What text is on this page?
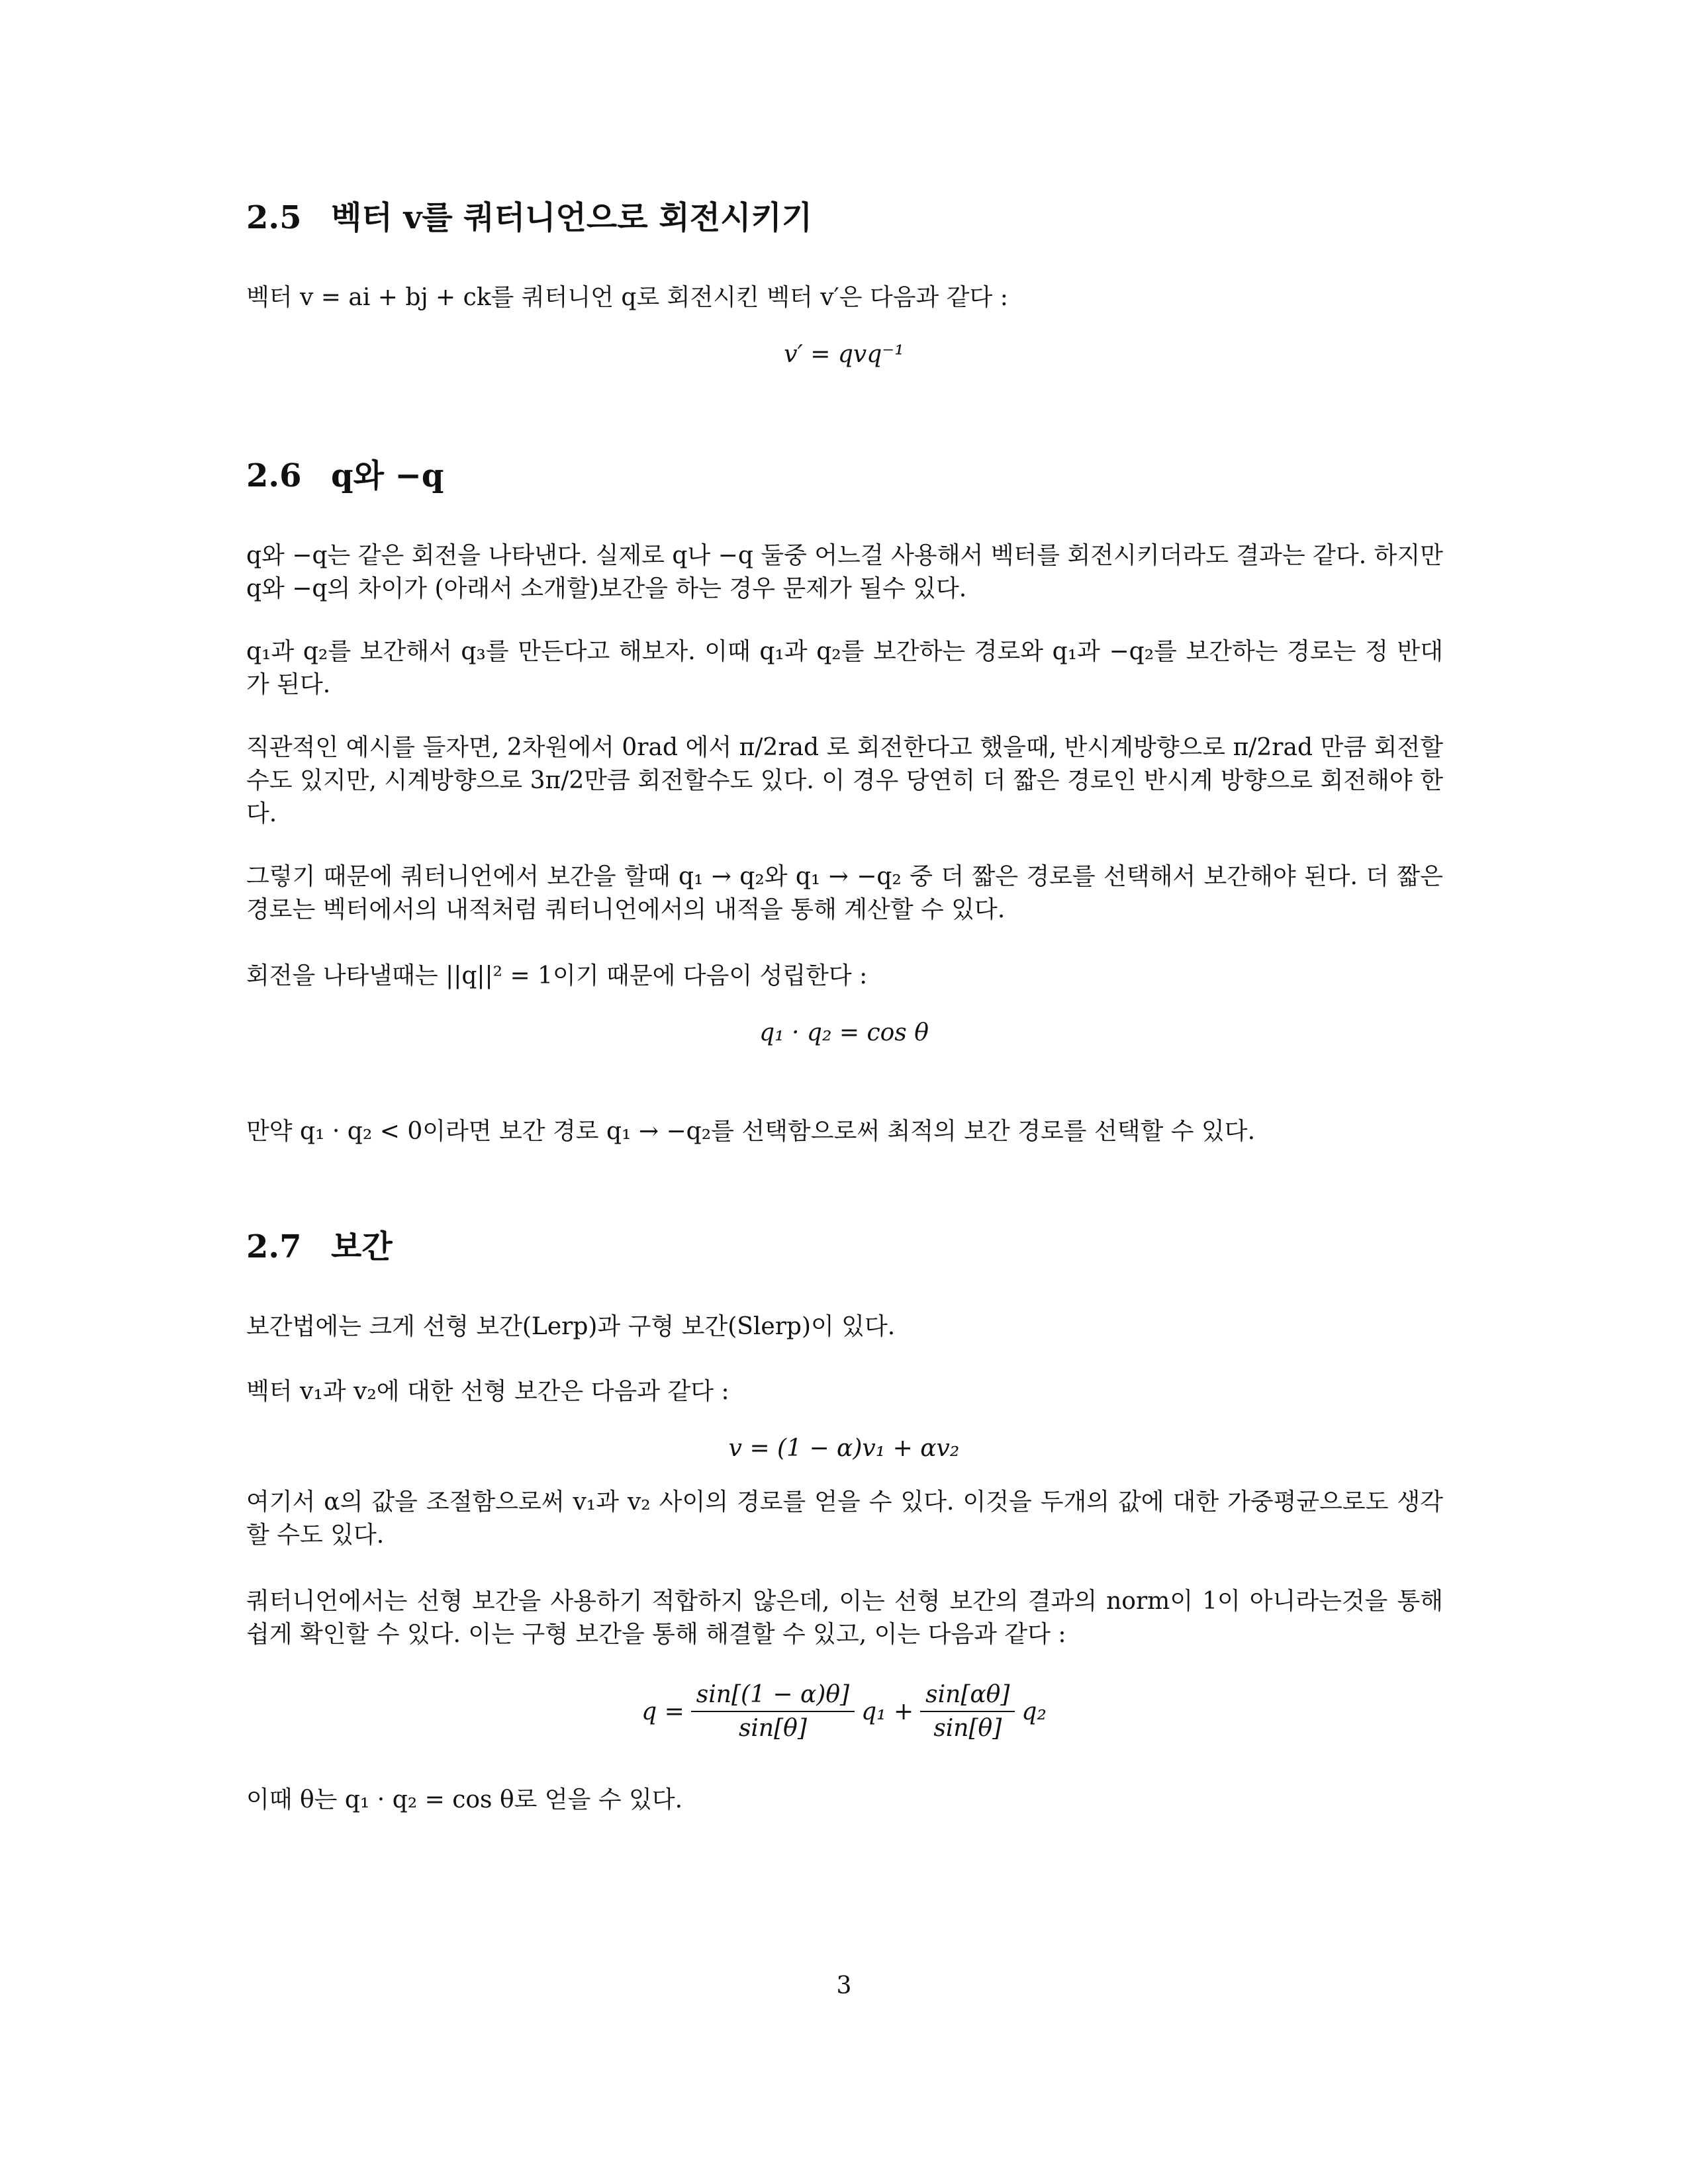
2.5 벡터 v를 쿼터니언으로 회전시키기

벡터 v = ai + bj + ck를 쿼터니언 q로 회전시킨 벡터 v′은 다음과 같다 :

v′ = qvq⁻¹
2.6 q와 −q

q와 −q는 같은 회전을 나타낸다. 실제로 q나 −q 둘중 어느걸 사용해서 벡터를 회전시키더라도 결과는 같다. 하지만 q와 −q의 차이가 (아래서 소개할)보간을 하는 경우 문제가 될수 있다.

q₁과 q₂를 보간해서 q₃를 만든다고 해보자. 이때 q₁과 q₂를 보간하는 경로와 q₁과 −q₂를 보간하는 경로는 정 반대가 된다.

직관적인 예시를 들자면, 2차원에서 0rad 에서 π/2rad 로 회전한다고 했을때, 반시계방향으로 π/2rad 만큼 회전할수도 있지만, 시계방향으로 3π/2만큼 회전할수도 있다. 이 경우 당연히 더 짧은 경로인 반시계 방향으로 회전해야 한다.

그렇기 때문에 쿼터니언에서 보간을 할때 q₁ → q₂와 q₁ → −q₂ 중 더 짧은 경로를 선택해서 보간해야 된다. 더 짧은 경로는 벡터에서의 내적처럼 쿼터니언에서의 내적을 통해 계산할 수 있다.

회전을 나타낼때는 ||q||² = 1이기 때문에 다음이 성립한다 :

q₁ · q₂ = cos θ

만약 q₁ · q₂ < 0이라면 보간 경로 q₁ → −q₂를 선택함으로써 최적의 보간 경로를 선택할 수 있다.

2.7 보간

보간법에는 크게 선형 보간(Lerp)과 구형 보간(Slerp)이 있다.

벡터 v₁과 v₂에 대한 선형 보간은 다음과 같다 :

v = (1 − α)v₁ + αv₂

여기서 α의 값을 조절함으로써 v₁과 v₂ 사이의 경로를 얻을 수 있다. 이것을 두개의 값에 대한 가중평균으로도 생각할 수도 있다.

쿼터니언에서는 선형 보간을 사용하기 적합하지 않은데, 이는 선형 보간의 결과의 norm이 1이 아니라는것을 통해 쉽게 확인할 수 있다. 이는 구형 보간을 통해 해결할 수 있고, 이는 다음과 같다 :

$q = \frac{\sin[(1 - \alpha)\theta]}{\sin[\theta]} q_1 + \frac{\sin[\alpha\theta]}{\sin[\theta]} q_2$

이때 θ는 q₁ · q₂ = cos θ로 얻을 수 있다.

3
